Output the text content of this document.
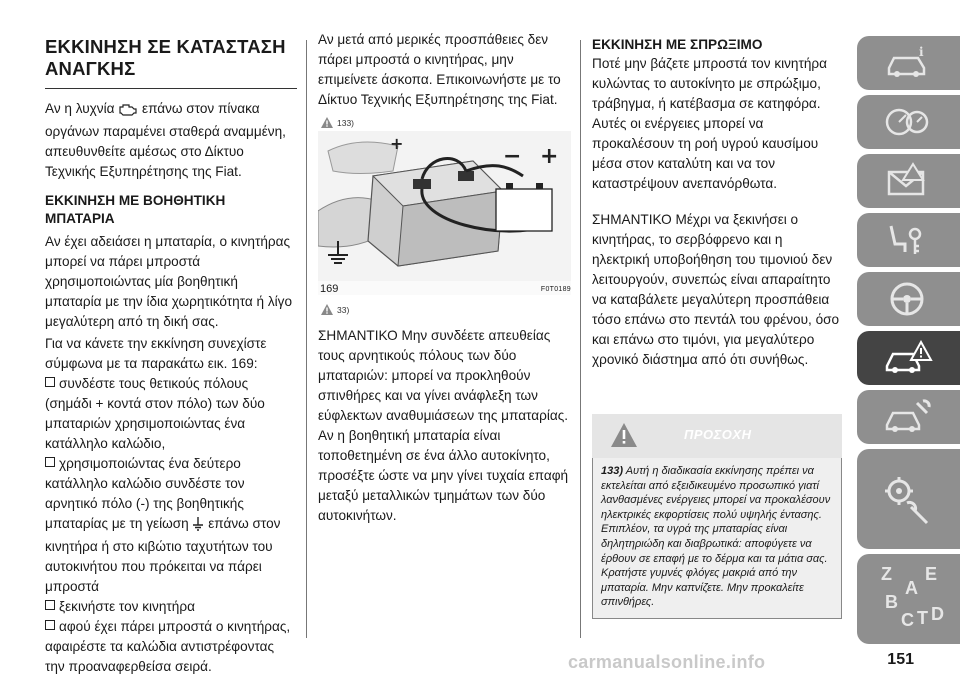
ΕΚΚΙΝΗΣΗ ΣΕ ΚΑΤΑΣΤΑΣΗ ΑΝΑΓΚΗΣ

Αν η λυχνία επάνω στον πίνακα οργάνων παραμένει σταθερά αναμμένη, απευθυνθείτε αμέσως στο Δίκτυο Τεχνικής Εξυπηρέτησης της Fiat.

ΕΚΚΙΝΗΣΗ ΜΕ ΒΟΗΘΗΤΙΚΗ ΜΠΑΤΑΡΙΑ

Αν έχει αδειάσει η μπαταρία, ο κινητήρας μπορεί να πάρει μπροστά χρησιμοποιώντας μία βοηθητική μπαταρία με την ίδια χωρητικότητα ή λίγο μεγαλύτερη από τη δική σας.

Για να κάνετε την εκκίνηση συνεχίστε σύμφωνα με τα παρακάτω εικ. 169:

συνδέστε τους θετικούς πόλους (σημάδι + κοντά στον πόλο) των δύο μπαταριών χρησιμοποιώντας ένα κατάλληλο καλώδιο,

χρησιμοποιώντας ένα δεύτερο κατάλληλο καλώδιο συνδέστε τον αρνητικό πόλο (-) της βοηθητικής μπαταρίας με τη γείωση επάνω στον κινητήρα ή στο κιβώτιο ταχυτήτων του αυτοκινήτου που πρόκειται να πάρει μπροστά

ξεκινήστε τον κινητήρα

αφού έχει πάρει μπροστά ο κινητήρας, αφαιρέστε τα καλώδια αντιστρέφοντας την προαναφερθείσα σειρά.

Αν μετά από μερικές προσπάθειες δεν πάρει μπροστά ο κινητήρας, μην επιμείνετε άσκοπα. Επικοινωνήστε με το Δίκτυο Τεχνικής Εξυπηρέτησης της Fiat.

133)
+
−
+
169	F0T0189
33)

ΣΗΜΑΝΤΙΚΟ Μην συνδέετε απευθείας τους αρνητικούς πόλους των δύο μπαταριών: μπορεί να προκληθούν σπινθήρες και να γίνει ανάφλεξη των εύφλεκτων αναθυμιάσεων της μπαταρίας. Αν η βοηθητική μπαταρία είναι τοποθετημένη σε ένα άλλο αυτοκίνητο, προσέξτε ώστε να μην γίνει τυχαία επαφή μεταξύ μεταλλικών τμημάτων των δύο αυτοκινήτων.

ΕΚΚΙΝΗΣΗ ΜΕ ΣΠΡΩΞΙΜΟ

Ποτέ μην βάζετε μπροστά τον κινητήρα κυλώντας το αυτοκίνητο με σπρώξιμο, τράβηγμα, ή κατέβασμα σε κατηφόρα. Αυτές οι ενέργειες μπορεί να προκαλέσουν τη ροή υγρού καυσίμου μέσα στον καταλύτη και να τον καταστρέψουν ανεπανόρθωτα.

ΣΗΜΑΝΤΙΚΟ Μέχρι να ξεκινήσει ο κινητήρας, το σερβόφρενο και η ηλεκτρική υποβοήθηση του τιμονιού δεν λειτουργούν, συνεπώς είναι απαραίτητο να καταβάλετε μεγαλύτερη προσπάθεια τόσο επάνω στο πεντάλ του φρένου, όσο και επάνω στο τιμόνι, για μεγαλύτερο χρονικό διάστημα από ότι συνήθως.

ΠΡΟΣΟΧΗ
133) Αυτή η διαδικασία εκκίνησης πρέπει να εκτελείται από εξειδικευμένο προσωπικό γιατί λανθασμένες ενέργειες μπορεί να προκαλέσουν ηλεκτρικές εκφορτίσεις πολύ υψηλής έντασης. Επιπλέον, τα υγρά της μπαταρίας είναι δηλητηριώδη και διαβρωτικά: αποφύγετε να έρθουν σε επαφή με το δέρμα και τα μάτια σας. Κρατήστε γυμνές φλόγες μακριά από την μπαταρία. Μην καπνίζετε. Μην προκαλείτε σπινθήρες.
i
Z E
A
B
C T D
carmanualsonline.info	151
